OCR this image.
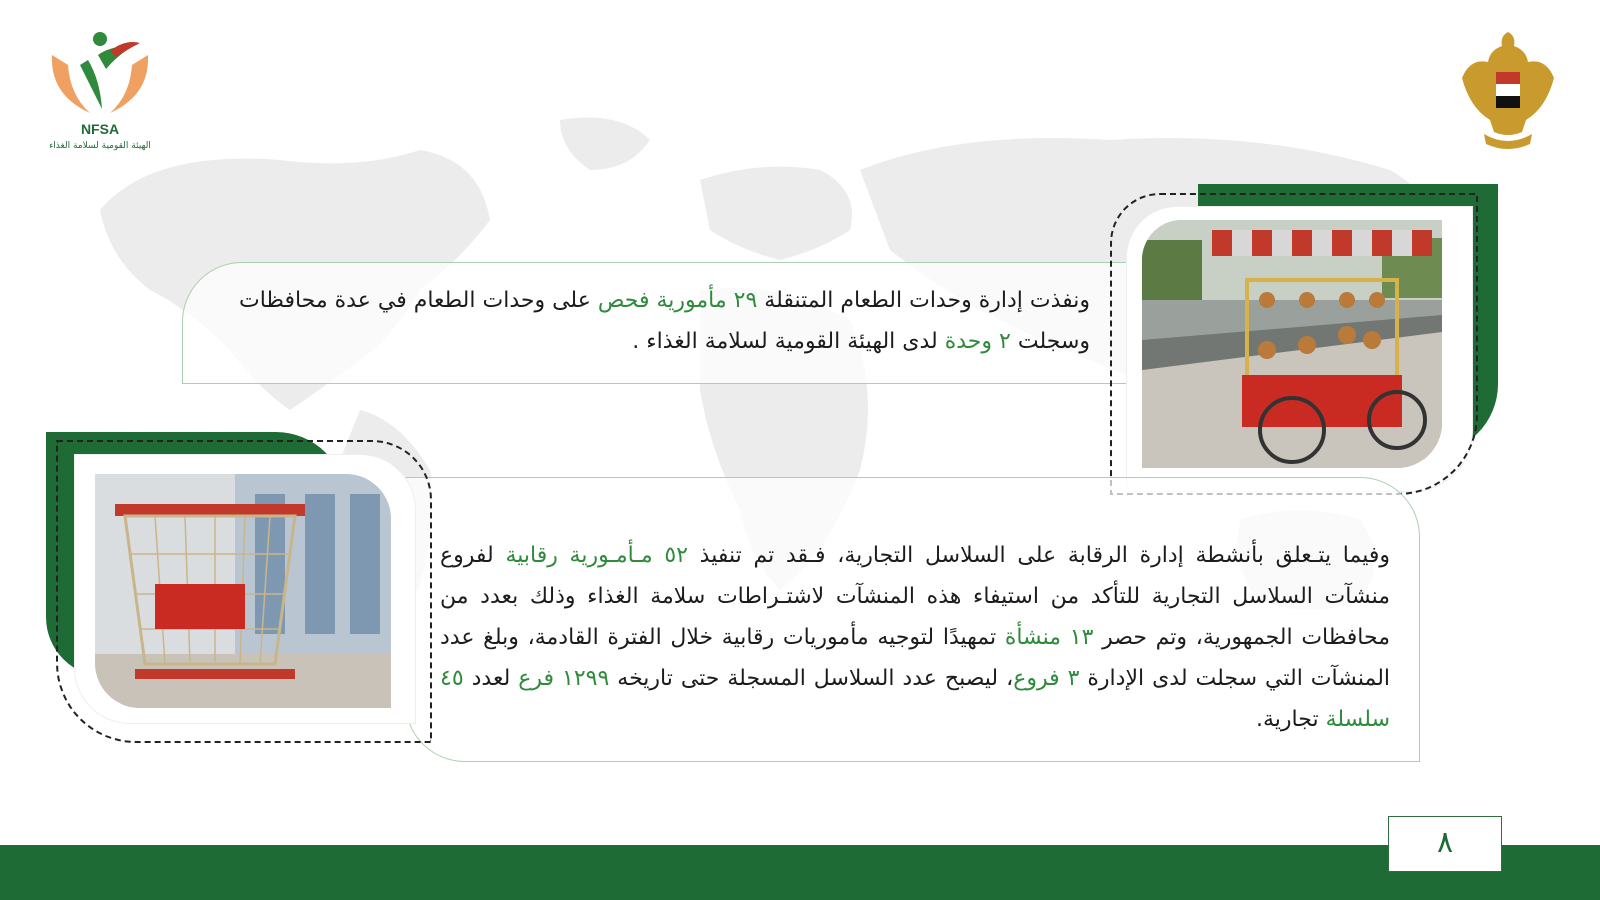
NFSA
الهيئة القومية لسلامة الغذاء
ونفذت إدارة وحدات الطعام المتنقلة ٢٩ مأمورية فحص على وحدات الطعام في عدة محافظات وسجلت ٢ وحدة لدى الهيئة القومية لسلامة الغذاء .
وفيما يتـعلق بأنشطة إدارة الرقابة على السلاسل التجارية، فـقد تم تنفيذ ٥٢ مـأمـورية رقابية لفروع منشآت السلاسل التجارية للتأكد من استيفاء هذه المنشآت لاشتـراطات سلامة الغذاء وذلك بعدد من محافظات الجمهورية، وتم حصر ١٣ منشأة تمهيدًا لتوجيه مأموريات رقابية خلال الفترة القادمة، وبلغ عدد المنشآت التي سجلت لدى الإدارة ٣ فروع، ليصبح عدد السلاسل المسجلة حتى تاريخه ١٢٩٩ فرع لعدد ٤٥ سلسلة تجارية.
٨
